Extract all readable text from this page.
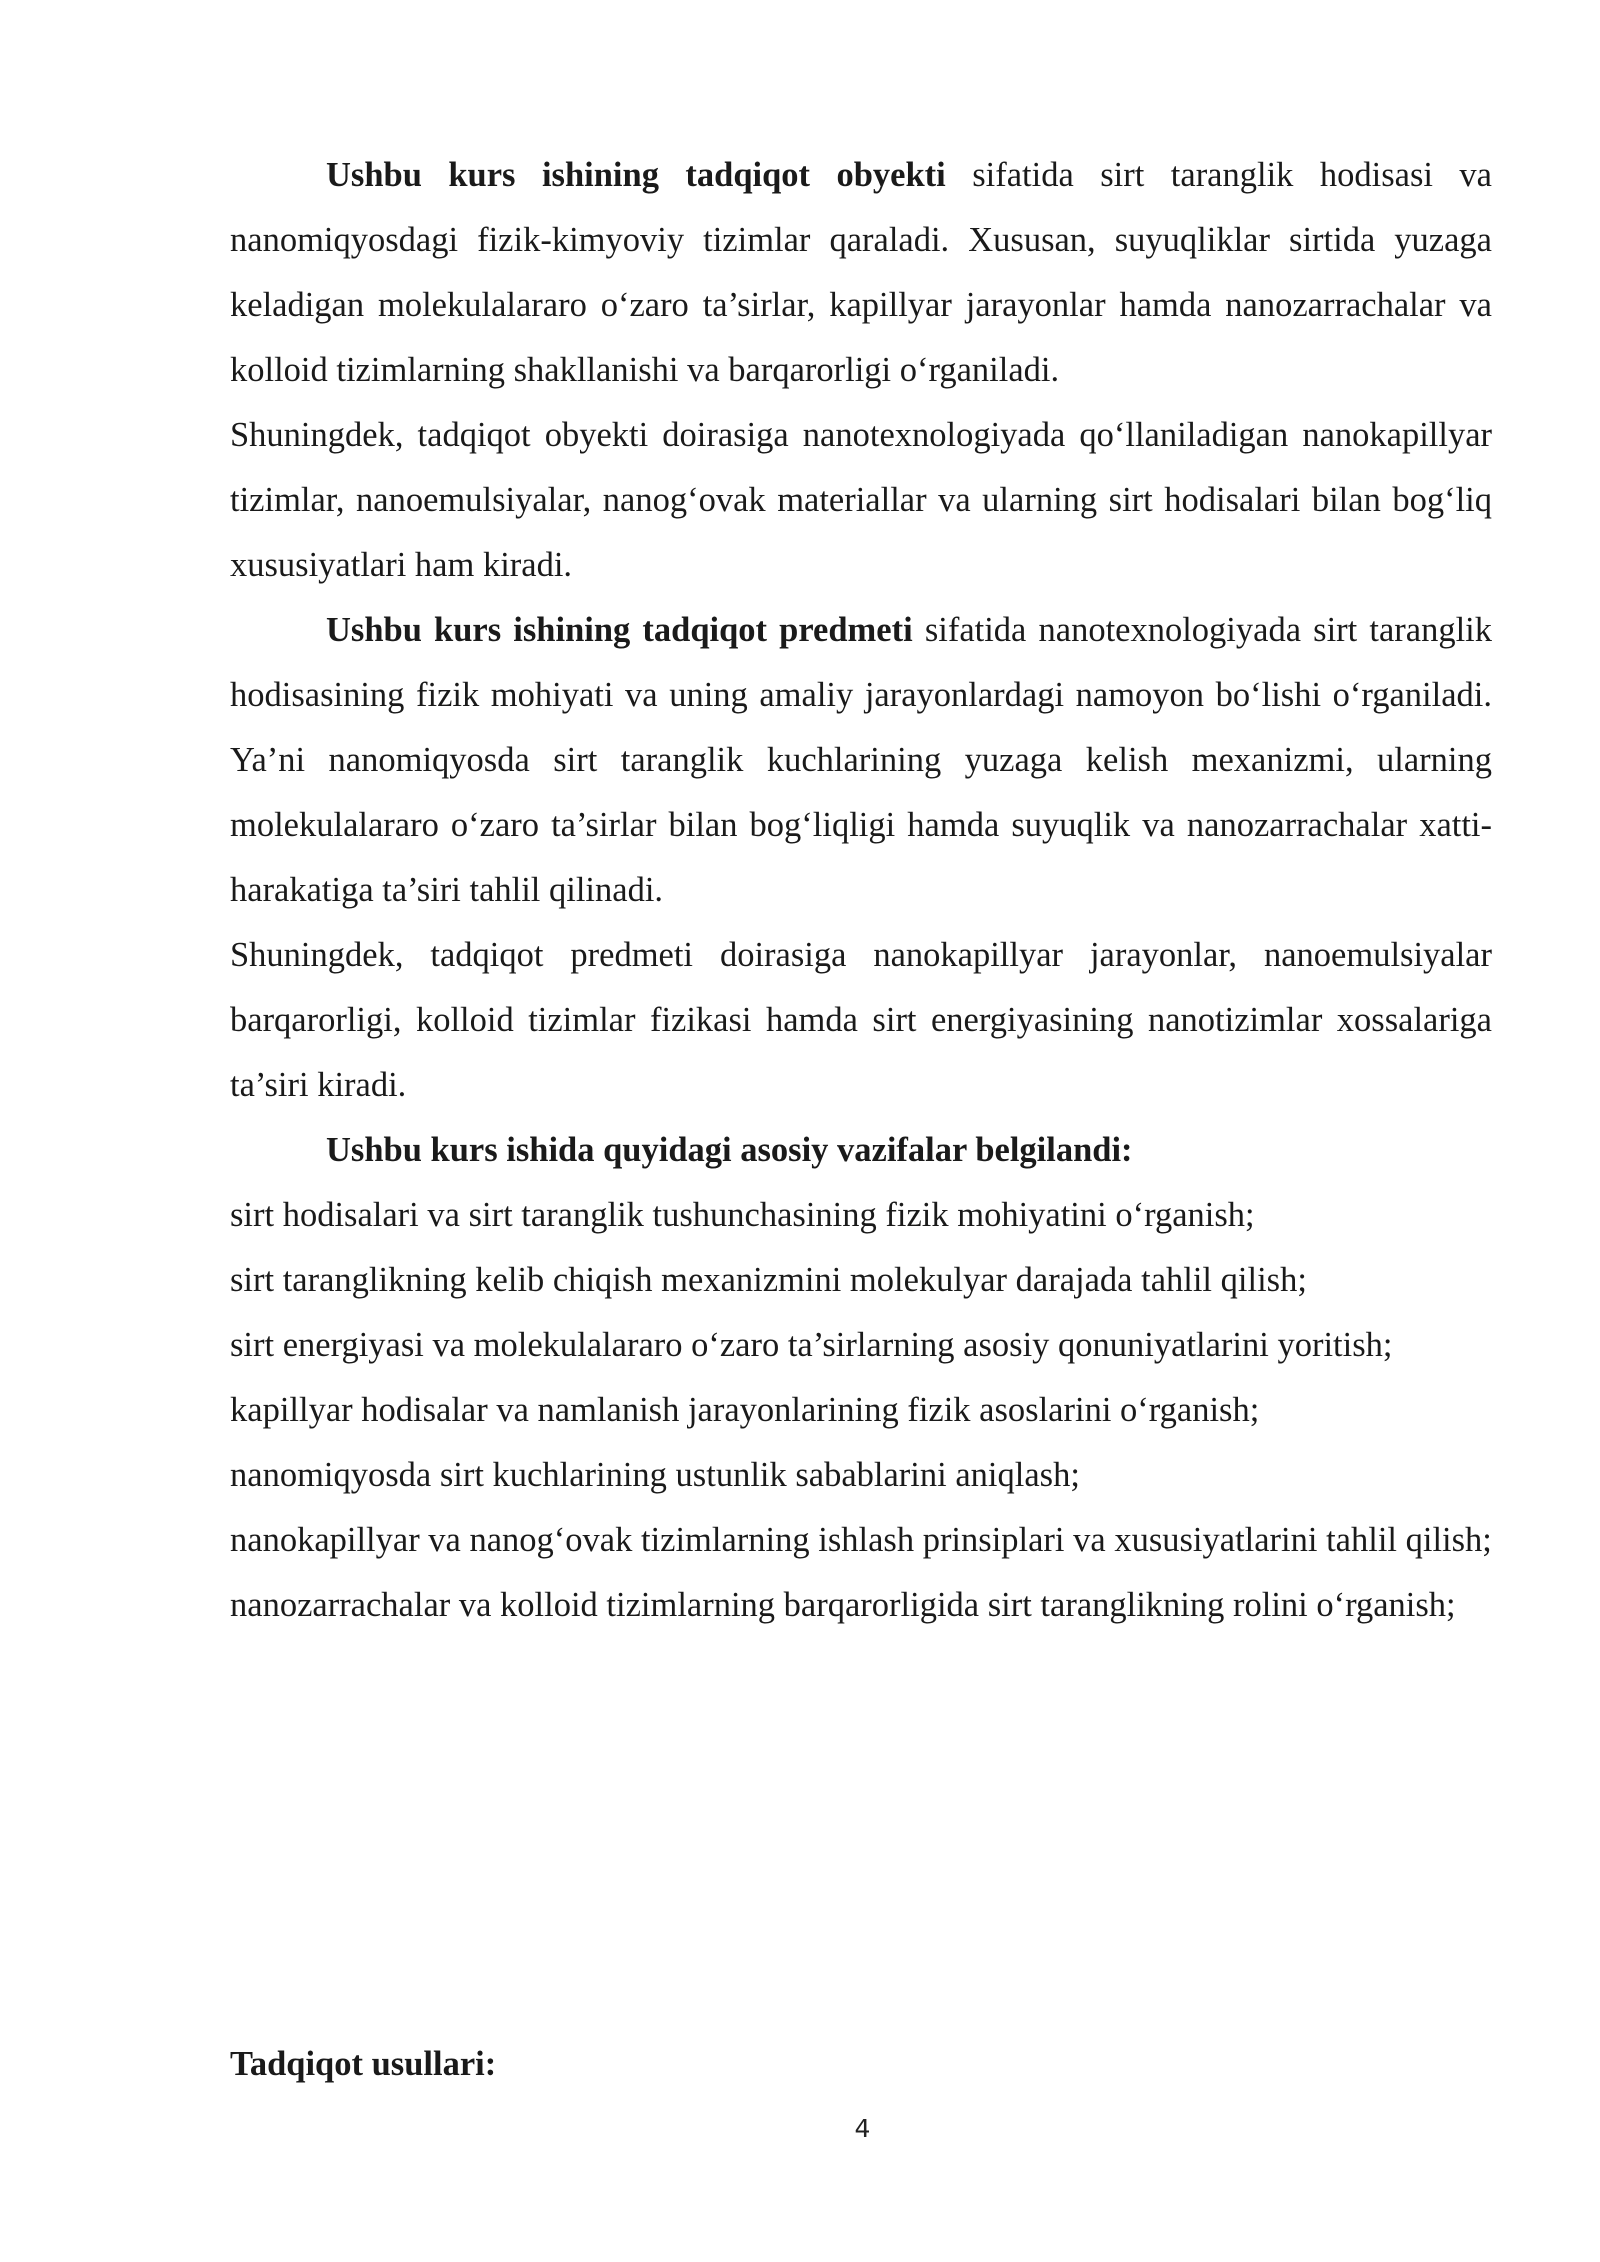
Ushbu kurs ishining tadqiqot obyekti sifatida sirt taranglik hodisasi va nanomiqyosdagi fizik-kimyoviy tizimlar qaraladi. Xususan, suyuqliklar sirtida yuzaga keladigan molekulalararo o‘zaro ta’sirlar, kapillyar jarayonlar hamda nanozarrachalar va kolloid tizimlarning shakllanishi va barqarorligi o‘rganiladi.

Shuningdek, tadqiqot obyekti doirasiga nanotexnologiyada qo‘llaniladigan nanokapillyar tizimlar, nanoemulsiyalar, nanog‘ovak materiallar va ularning sirt hodisalari bilan bog‘liq xususiyatlari ham kiradi.

Ushbu kurs ishining tadqiqot predmeti sifatida nanotexnologiyada sirt taranglik hodisasining fizik mohiyati va uning amaliy jarayonlardagi namoyon bo‘lishi o‘rganiladi. Ya’ni nanomiqyosda sirt taranglik kuchlarining yuzaga kelish mexanizmi, ularning molekulalararo o‘zaro ta’sirlar bilan bog‘liqligi hamda suyuqlik va nanozarrachalar xatti-harakatiga ta’siri tahlil qilinadi.

Shuningdek, tadqiqot predmeti doirasiga nanokapillyar jarayonlar, nanoemulsiyalar barqarorligi, kolloid tizimlar fizikasi hamda sirt energiyasining nanotizimlar xossalariga ta’siri kiradi.

Ushbu kurs ishida quyidagi asosiy vazifalar belgilandi:

sirt hodisalari va sirt taranglik tushunchasining fizik mohiyatini o‘rganish;
sirt taranglikning kelib chiqish mexanizmini molekulyar darajada tahlil qilish;
sirt energiyasi va molekulalararo o‘zaro ta’sirlarning asosiy qonuniyatlarini yoritish;
kapillyar hodisalar va namlanish jarayonlarining fizik asoslarini o‘rganish;
nanomiqyosda sirt kuchlarining ustunlik sabablarini aniqlash;
nanokapillyar va nanog‘ovak tizimlarning ishlash prinsiplari va xususiyatlarini tahlil qilish;
nanozarrachalar va kolloid tizimlarning barqarorligida sirt taranglikning rolini o‘rganish;

Tadqiqot usullari:

4
